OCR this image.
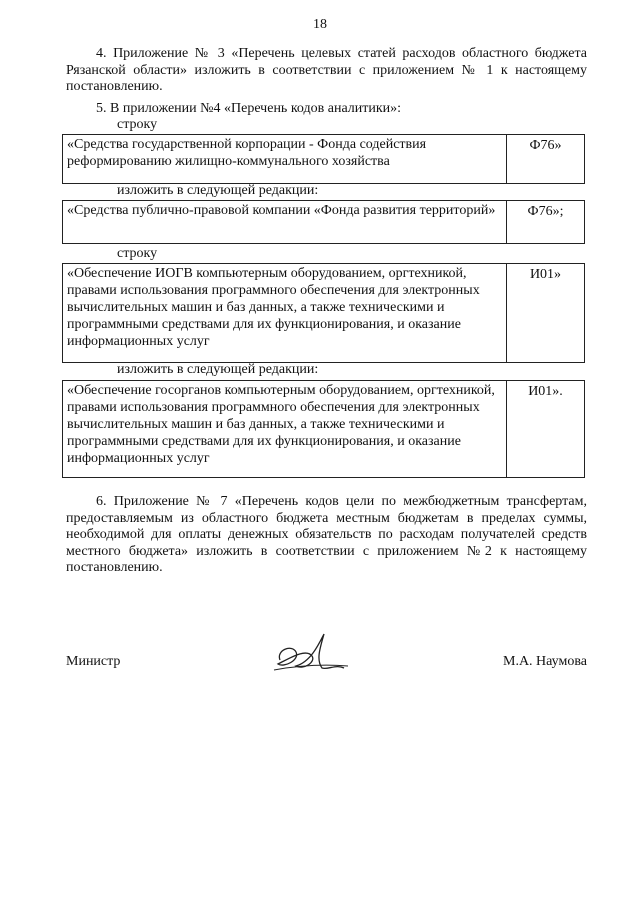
18
4. Приложение № 3 «Перечень целевых статей расходов областного бюджета Рязанской области» изложить в соответствии с приложением № 1 к настоящему постановлению.
5. В приложении №4 «Перечень кодов аналитики»:
строку
«Средства государственной корпорации - Фонда содействия реформированию жилищно-коммунального хозяйства
Ф76»
изложить в следующей редакции:
«Средства публично-правовой компании «Фонда развития территорий»	Ф76»;
строку
«Обеспечение ИОГВ компьютерным оборудованием, оргтехникой, правами использования программного обеспечения для электронных вычислительных машин и баз данных, а также техническими и программными средствами для их функционирования, и оказание информационных услуг
И01»
изложить в следующей редакции:
«Обеспечение госорганов компьютерным оборудованием, оргтехникой, правами использования программного обеспечения для электронных вычислительных машин и баз данных, а также техническими и программными средствами для их функционирования, и оказание информационных услуг
И01».
6. Приложение № 7 «Перечень кодов цели по межбюджетным трансфертам, предоставляемым из областного бюджета местным бюджетам в пределах суммы, необходимой для оплаты денежных обязательств по расходам получателей средств местного бюджета» изложить в соответствии с приложением №2 к настоящему постановлению.
Министр	М.А. Наумова
